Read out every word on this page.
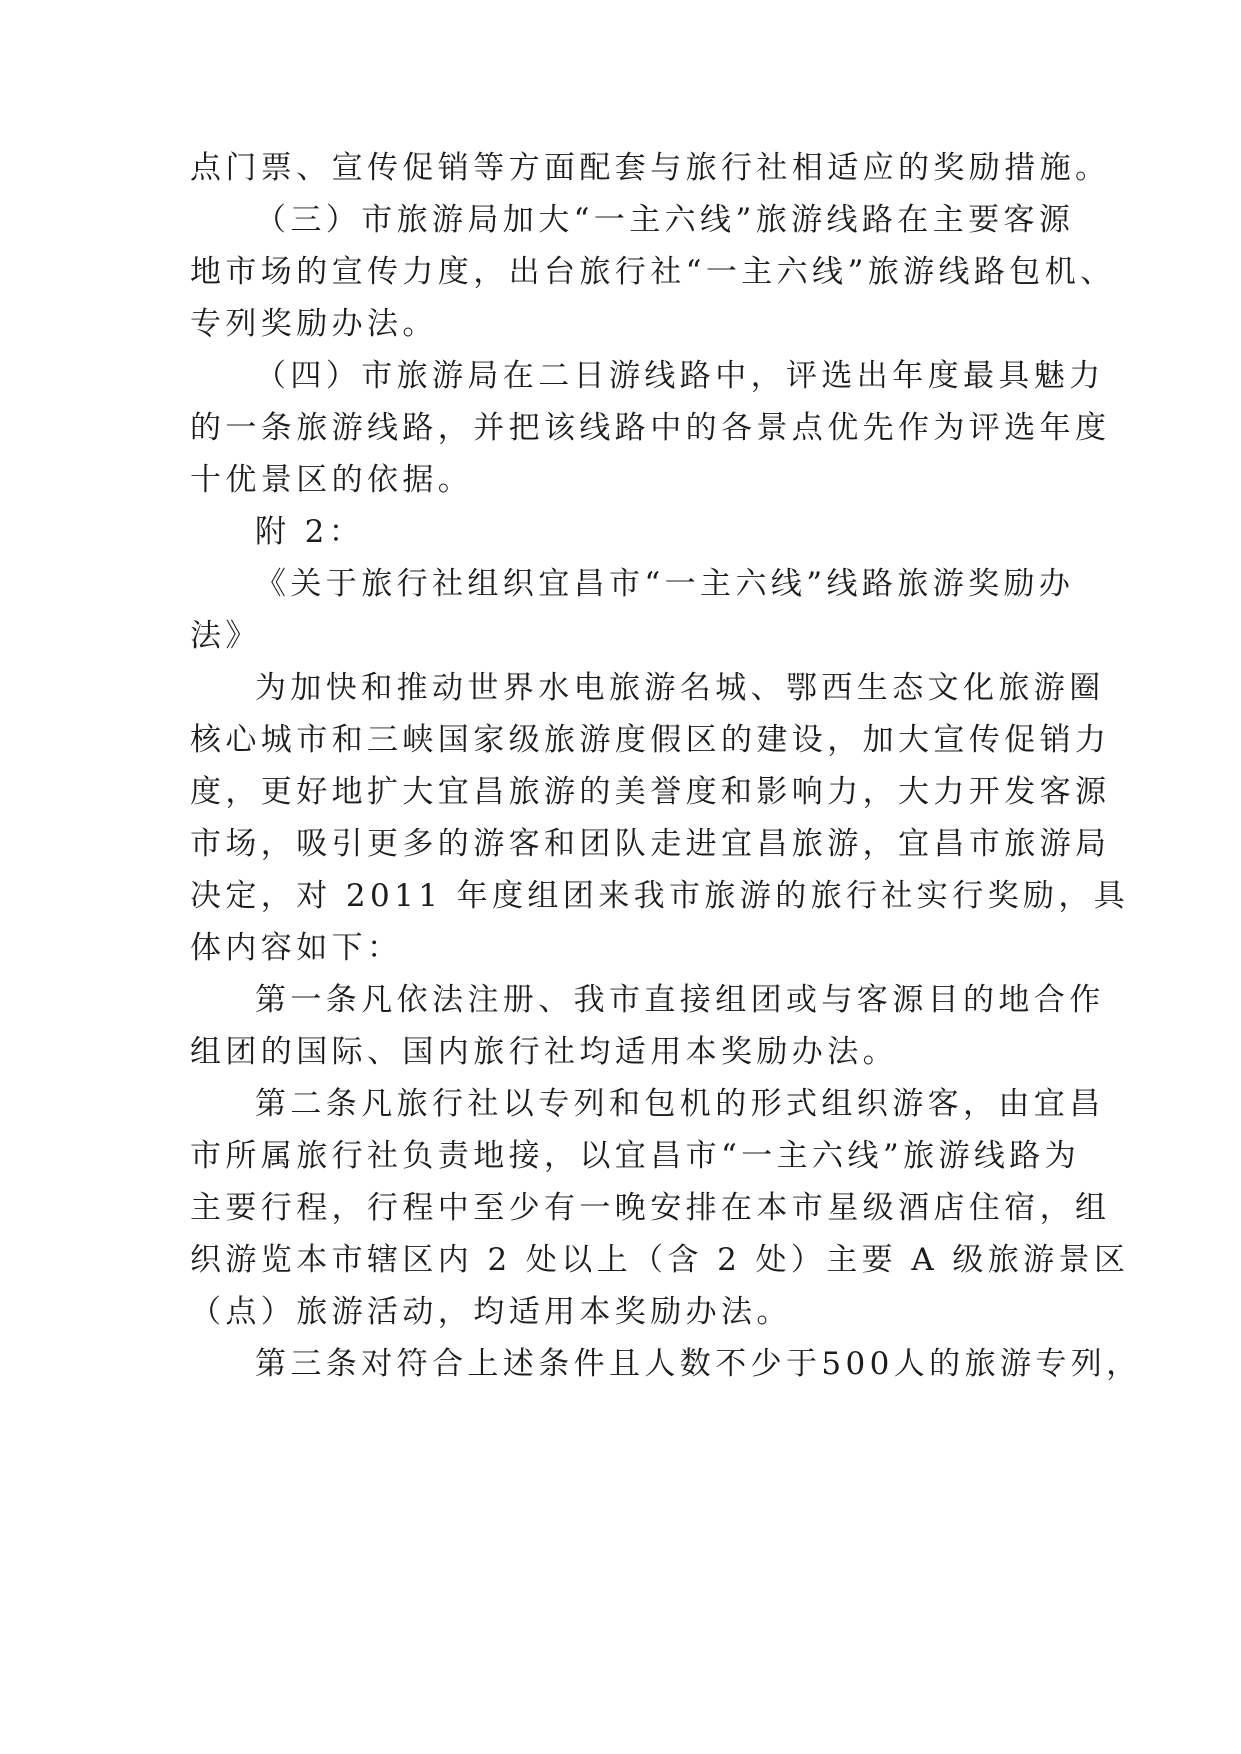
点门票、宣传促销等方面配套与旅行社相适应的奖励措施。
（三）市旅游局加大“一主六线”旅游线路在主要客源
地市场的宣传力度，出台旅行社“一主六线”旅游线路包机、
专列奖励办法。
（四）市旅游局在二日游线路中，评选出年度最具魅力
的一条旅游线路，并把该线路中的各景点优先作为评选年度
十优景区的依据。
附 2：
《关于旅行社组织宜昌市“一主六线”线路旅游奖励办
法》
为加快和推动世界水电旅游名城、鄂西生态文化旅游圈
核心城市和三峡国家级旅游度假区的建设，加大宣传促销力
度，更好地扩大宜昌旅游的美誉度和影响力，大力开发客源
市场，吸引更多的游客和团队走进宜昌旅游，宜昌市旅游局
决定，对 2011 年度组团来我市旅游的旅行社实行奖励，具
体内容如下：
第一条凡依法注册、我市直接组团或与客源目的地合作
组团的国际、国内旅行社均适用本奖励办法。
第二条凡旅行社以专列和包机的形式组织游客，由宜昌
市所属旅行社负责地接，以宜昌市“一主六线”旅游线路为
主要行程，行程中至少有一晚安排在本市星级酒店住宿，组
织游览本市辖区内 2 处以上（含 2 处）主要 A 级旅游景区
（点）旅游活动，均适用本奖励办法。
第三条对符合上述条件且人数不少于500人的旅游专列，
